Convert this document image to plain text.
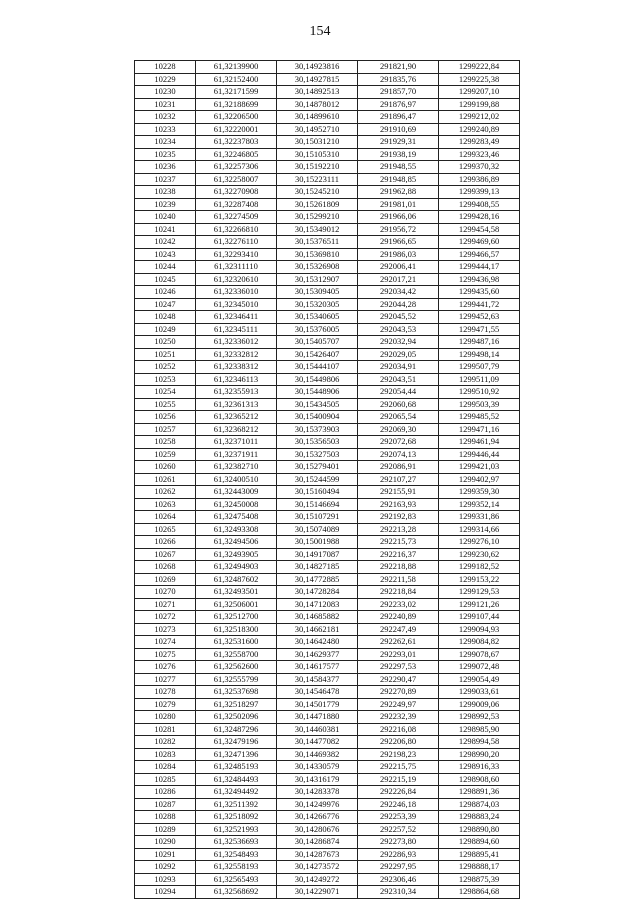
154
10228	61,32139900	30,14923816	291821,90	1299222,84
10229	61,32152400	30,14927815	291835,76	1299225,38
10230	61,32171599	30,14892513	291857,70	1299207,10
10231	61,32188699	30,14878012	291876,97	1299199,88
10232	61,32206500	30,14899610	291896,47	1299212,02
10233	61,32220001	30,14952710	291910,69	1299240,89
10234	61,32237803	30,15031210	291929,31	1299283,49
10235	61,32246805	30,15105310	291938,19	1299323,46
10236	61,32257306	30,15192210	291948,55	1299370,32
10237	61,32258007	30,15223111	291948,85	1299386,89
10238	61,32270908	30,15245210	291962,88	1299399,13
10239	61,32287408	30,15261809	291981,01	1299408,55
10240	61,32274509	30,15299210	291966,06	1299428,16
10241	61,32266810	30,15349012	291956,72	1299454,58
10242	61,32276110	30,15376511	291966,65	1299469,60
10243	61,32293410	30,15369810	291986,03	1299466,57
10244	61,32311110	30,15326908	292006,41	1299444,17
10245	61,32320610	30,15312907	292017,21	1299436,98
10246	61,32336010	30,15309405	292034,42	1299435,60
10247	61,32345010	30,15320305	292044,28	1299441,72
10248	61,32346411	30,15340605	292045,52	1299452,63
10249	61,32345111	30,15376005	292043,53	1299471,55
10250	61,32336012	30,15405707	292032,94	1299487,16
10251	61,32332812	30,15426407	292029,05	1299498,14
10252	61,32338312	30,15444107	292034,91	1299507,79
10253	61,32346113	30,15449806	292043,51	1299511,09
10254	61,32355913	30,15448906	292054,44	1299510,92
10255	61,32361313	30,15434505	292060,68	1299503,39
10256	61,32365212	30,15400904	292065,54	1299485,52
10257	61,32368212	30,15373903	292069,30	1299471,16
10258	61,32371011	30,15356503	292072,68	1299461,94
10259	61,32371911	30,15327503	292074,13	1299446,44
10260	61,32382710	30,15279401	292086,91	1299421,03
10261	61,32400510	30,15244599	292107,27	1299402,97
10262	61,32443009	30,15160494	292155,91	1299359,30
10263	61,32450008	30,15146694	292163,93	1299352,14
10264	61,32475408	30,15107291	292192,83	1299331,86
10265	61,32493308	30,15074089	292213,28	1299314,66
10266	61,32494506	30,15001988	292215,73	1299276,10
10267	61,32493905	30,14917087	292216,37	1299230,62
10268	61,32494903	30,14827185	292218,88	1299182,52
10269	61,32487602	30,14772885	292211,58	1299153,22
10270	61,32493501	30,14728284	292218,84	1299129,53
10271	61,32506001	30,14712083	292233,02	1299121,26
10272	61,32512700	30,14685882	292240,89	1299107,44
10273	61,32518300	30,14662181	292247,49	1299094,93
10274	61,32531600	30,14642480	292262,61	1299084,82
10275	61,32558700	30,14629377	292293,01	1299078,67
10276	61,32562600	30,14617577	292297,53	1299072,48
10277	61,32555799	30,14584377	292290,47	1299054,49
10278	61,32537698	30,14546478	292270,89	1299033,61
10279	61,32518297	30,14501779	292249,97	1299009,06
10280	61,32502096	30,14471880	292232,39	1298992,53
10281	61,32487296	30,14460381	292216,08	1298985,90
10282	61,32479196	30,14477082	292206,80	1298994,58
10283	61,32471396	30,14469382	292198,23	1298990,20
10284	61,32485193	30,14330579	292215,75	1298916,33
10285	61,32484493	30,14316179	292215,19	1298908,60
10286	61,32494492	30,14283378	292226,84	1298891,36
10287	61,32511392	30,14249976	292246,18	1298874,03
10288	61,32518092	30,14266776	292253,39	1298883,24
10289	61,32521993	30,14280676	292257,52	1298890,80
10290	61,32536693	30,14286874	292273,80	1298894,60
10291	61,32548493	30,14287673	292286,93	1298895,41
10292	61,32558193	30,14273572	292297,95	1298888,17
10293	61,32565493	30,14249272	292306,46	1298875,39
10294	61,32568692	30,14229071	292310,34	1298864,68
